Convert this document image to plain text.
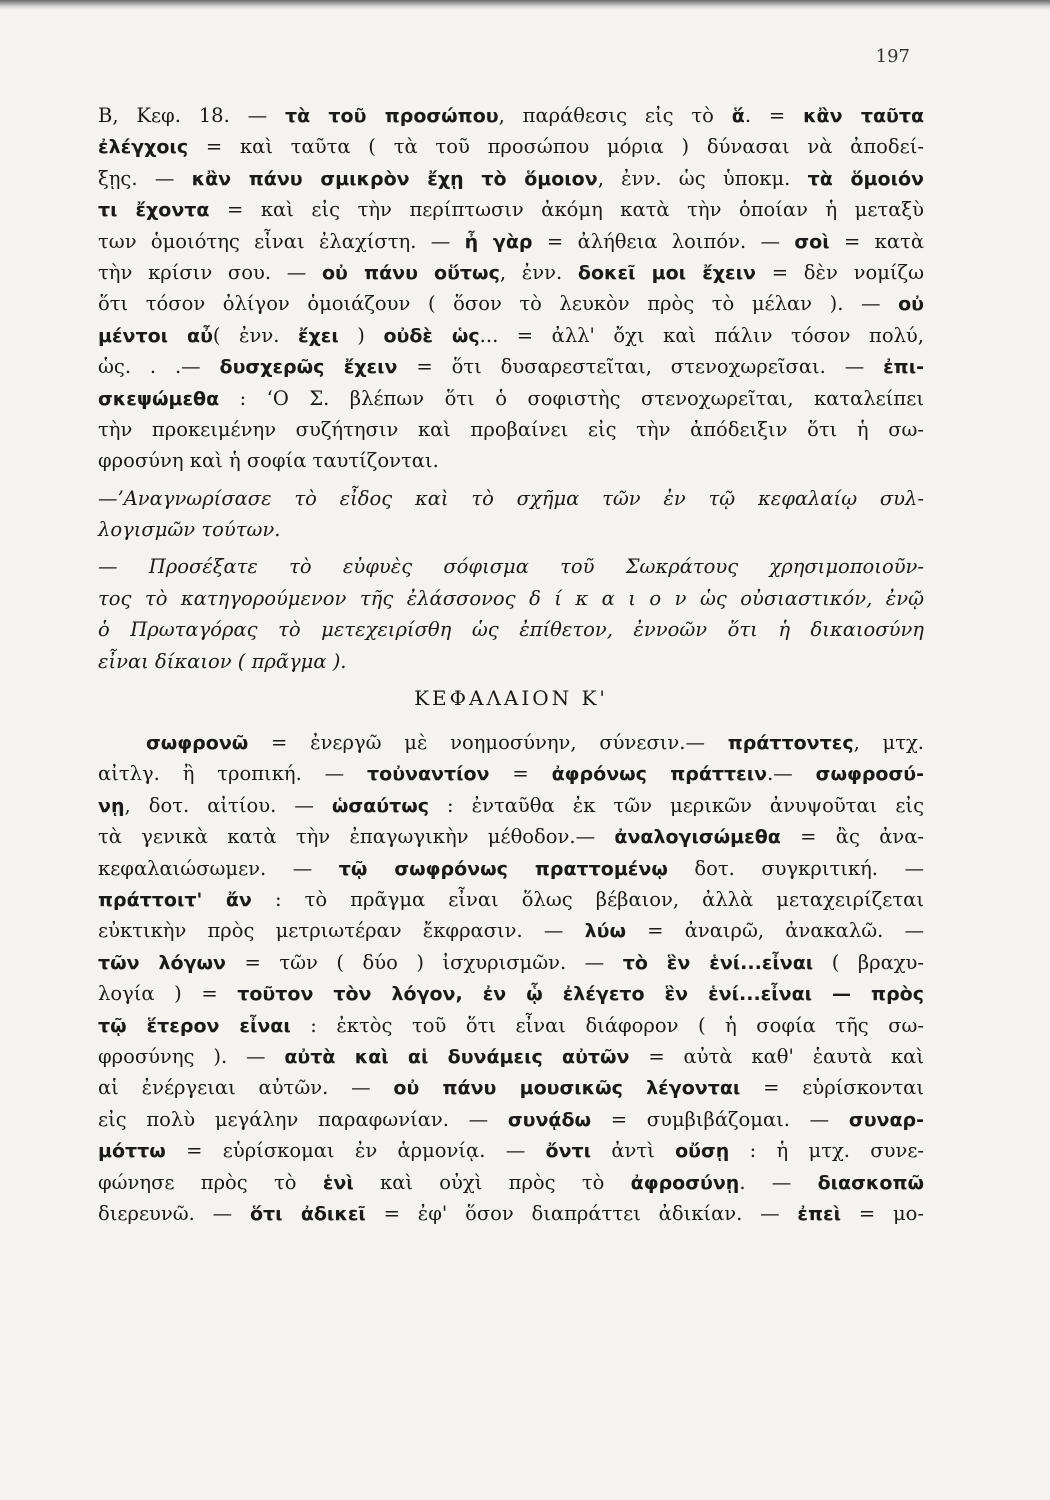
197
Β, Κεφ. 18. — τὰ τοῦ προσώπου, παράθεσις εἰς τὸ ἅ. = κἂν ταῦτα
ἐλέγχοις = καὶ ταῦτα ( τὰ τοῦ προσώπου μόρια ) δύνασαι νὰ ἀποδεί-
ξῃς. — κἂν πάνυ σμικρὸν ἔχῃ τὸ ὅμοιον, ἐνν. ὡς ὑποκμ. τὰ ὅμοιόν
τι ἔχοντα = καὶ εἰς τὴν περίπτωσιν ἀκόμη κατὰ τὴν ὁποίαν ἡ μεταξὺ
των ὁμοιότης εἶναι ἐλαχίστη. — ἦ γὰρ = ἀλήθεια λοιπόν. — σοὶ = κατὰ
τὴν κρίσιν σου. — οὐ πάνυ οὕτως, ἐνν. δοκεῖ μοι ἔχειν = δὲν νομίζω
ὅτι τόσον ὀλίγον ὁμοιάζουν ( ὅσον τὸ λευκὸν πρὸς τὸ μέλαν ). — οὐ
μέντοι αὖ( ἐνν. ἔχει ) οὐδὲ ὡς... = ἀλλ' ὄχι καὶ πάλιν τόσον πολύ,
ὡς. . .— δυσχερῶς ἔχειν = ὅτι δυσαρεστεῖται, στενοχωρεῖσαι. — ἐπι-
σκεψώμεθα : ‘Ο Σ. βλέπων ὅτι ὁ σοφιστὴς στενοχωρεῖται, καταλείπει
τὴν προκειμένην συζήτησιν καὶ προβαίνει εἰς τὴν ἀπόδειξιν ὅτι ἡ σω-
φροσύνη καὶ ἡ σοφία ταυτίζονται.
—’Αναγνωρίσασε τὸ εἶδος καὶ τὸ σχῆμα τῶν ἐν τῷ κεφαλαίῳ συλ-
λογισμῶν τούτων.
— Προσέξατε τὸ εὐφυὲς σόφισμα τοῦ Σωκράτους χρησιμοποιοῦν-
τος τὸ κατηγορούμενον τῆς ἐλάσσονος δ ί κ α ι ο ν ὡς οὐσιαστικόν, ἐνῷ
ὁ Πρωταγόρας τὸ μετεχειρίσθη ὡς ἐπίθετον, ἐννοῶν ὅτι ἡ δικαιοσύνη
εἶναι δίκαιον ( πρᾶγμα ).
ΚΕΦΑΛΑΙΟΝ Κ'
σωφρονῶ = ἐνεργῶ μὲ νοημοσύνην, σύνεσιν.— πράττοντες, μτχ.
αἰτλγ. ἢ τροπική. — τοὐναντίον = ἀφρόνως πράττειν.— σωφροσύ-
νῃ, δοτ. αἰτίου. — ὡσαύτως : ἐνταῦθα ἐκ τῶν μερικῶν ἀνυψοῦται εἰς
τὰ γενικὰ κατὰ τὴν ἐπαγωγικὴν μέθοδον.— ἀναλογισώμεθα = ἂς ἀνα-
κεφαλαιώσωμεν. — τῷ σωφρόνως πραττομένῳ δοτ. συγκριτική. —
πράττοιτ' ἄν : τὸ πρᾶγμα εἶναι ὅλως βέβαιον, ἀλλὰ μεταχειρίζεται
εὐκτικὴν πρὸς μετριωτέραν ἔκφρασιν. — λύω = ἀναιρῶ, ἀνακαλῶ. —
τῶν λόγων = τῶν ( δύο ) ἰσχυρισμῶν. — τὸ ἓν ἑνί...εἶναι ( βραχυ-
λογία ) = τοῦτον τὸν λόγον, ἐν ᾧ ἐλέγετο ἓν ἑνί...εἶναι — πρὸς
τῷ ἕτερον εἶναι : ἐκτὸς τοῦ ὅτι εἶναι διάφορον ( ἡ σοφία τῆς σω-
φροσύνης ). — αὐτὰ καὶ αἱ δυνάμεις αὐτῶν = αὐτὰ καθ' ἑαυτὰ καὶ
αἱ ἐνέργειαι αὐτῶν. — οὐ πάνυ μουσικῶς λέγονται = εὑρίσκονται
εἰς πολὺ μεγάλην παραφωνίαν. — συνᾴδω = συμβιβάζομαι. — συναρ-
μόττω = εὑρίσκομαι ἐν ἁρμονίᾳ. — ὄντι ἀντὶ οὔσῃ : ἡ μτχ. συνε-
φώνησε πρὸς τὸ ἑνὶ καὶ οὐχὶ πρὸς τὸ ἀφροσύνῃ. — διασκοπῶ
διερευνῶ. — ὅτι ἀδικεῖ = ἐφ' ὅσον διαπράττει ἀδικίαν. — ἐπεὶ = μο-
